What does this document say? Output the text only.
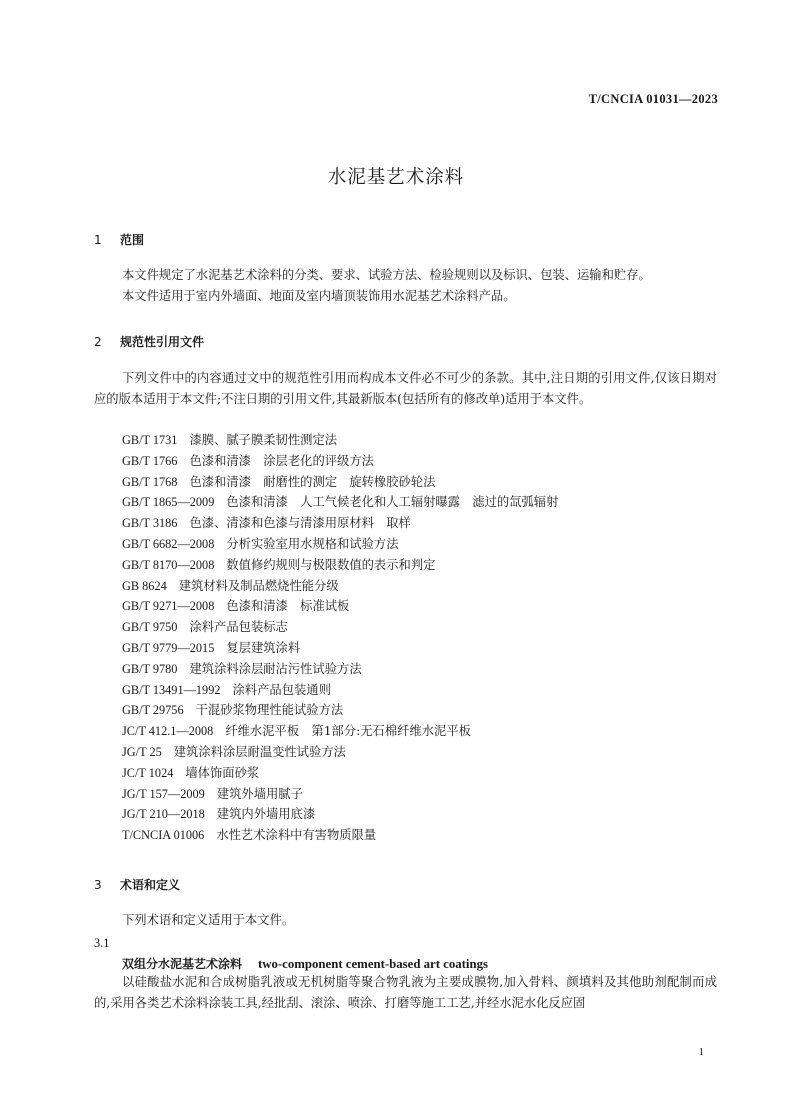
T/CNCIA 01031—2023
水泥基艺术涂料
1 范围
本文件规定了水泥基艺术涂料的分类、要求、试验方法、检验规则以及标识、包装、运输和贮存。
本文件适用于室内外墙面、地面及室内墙顶装饰用水泥基艺术涂料产品。
2 规范性引用文件
下列文件中的内容通过文中的规范性引用而构成本文件必不可少的条款。其中,注日期的引用文件,仅该日期对应的版本适用于本文件;不注日期的引用文件,其最新版本(包括所有的修改单)适用于本文件。
GB/T 1731 漆膜、腻子膜柔韧性测定法
GB/T 1766 色漆和清漆　涂层老化的评级方法
GB/T 1768 色漆和清漆　耐磨性的测定　旋转橡胶砂轮法
GB/T 1865—2009 色漆和清漆　人工气候老化和人工辐射曝露　滤过的氙弧辐射
GB/T 3186 色漆、清漆和色漆与清漆用原材料　取样
GB/T 6682—2008 分析实验室用水规格和试验方法
GB/T 8170—2008 数值修约规则与极限数值的表示和判定
GB 8624 建筑材料及制品燃烧性能分级
GB/T 9271—2008 色漆和清漆　标准试板
GB/T 9750 涂料产品包装标志
GB/T 9779—2015 复层建筑涂料
GB/T 9780 建筑涂料涂层耐沾污性试验方法
GB/T 13491—1992 涂料产品包装通则
GB/T 29756 干混砂浆物理性能试验方法
JC/T 412.1—2008 纤维水泥平板　第1部分:无石棉纤维水泥平板
JG/T 25 建筑涂料涂层耐温变性试验方法
JC/T 1024 墙体饰面砂浆
JG/T 157—2009 建筑外墙用腻子
JG/T 210—2018 建筑内外墙用底漆
T/CNCIA 01006 水性艺术涂料中有害物质限量
3 术语和定义
下列术语和定义适用于本文件。
3.1
双组分水泥基艺术涂料 two-component cement-based art coatings
以硅酸盐水泥和合成树脂乳液或无机树脂等聚合物乳液为主要成膜物,加入骨料、颜填料及其他助剂配制而成的,采用各类艺术涂料涂装工具,经批刮、滚涂、喷涂、打磨等施工工艺,并经水泥水化反应固
1
